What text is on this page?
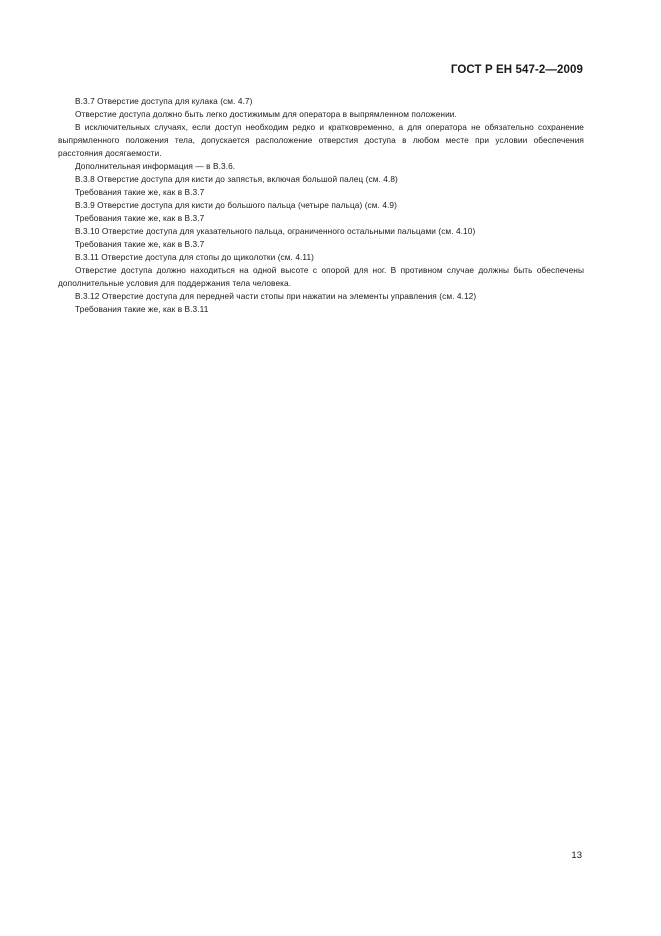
ГОСТ Р ЕН 547-2—2009

В.3.7 Отверстие доступа для кулака (см. 4.7)

Отверстие доступа должно быть легко достижимым для оператора в выпрямленном положении.

В исключительных случаях, если доступ необходим редко и кратковременно, а для оператора не обязательно сохранение выпрямленного положения тела, допускается расположение отверстия доступа в любом месте при условии обеспечения расстояния досягаемости.

Дополнительная информация — в В.3.6.

В.3.8 Отверстие доступа для кисти до запястья, включая большой палец (см. 4.8)

Требования такие же, как в В.3.7

В.3.9 Отверстие доступа для кисти до большого пальца (четыре пальца) (см. 4.9)

Требования такие же, как в В.3.7

В.3.10 Отверстие доступа для указательного пальца, ограниченного остальными пальцами (см. 4.10)

Требования такие же, как в В.3.7

В.3.11 Отверстие доступа для стопы до щиколотки (см. 4.11)

Отверстие доступа должно находиться на одной высоте с опорой для ног. В противном случае должны быть обеспечены дополнительные условия для поддержания тела человека.

В.3.12 Отверстие доступа для передней части стопы при нажатии на элементы управления (см. 4.12)

Требования такие же, как в В.3.11

13
